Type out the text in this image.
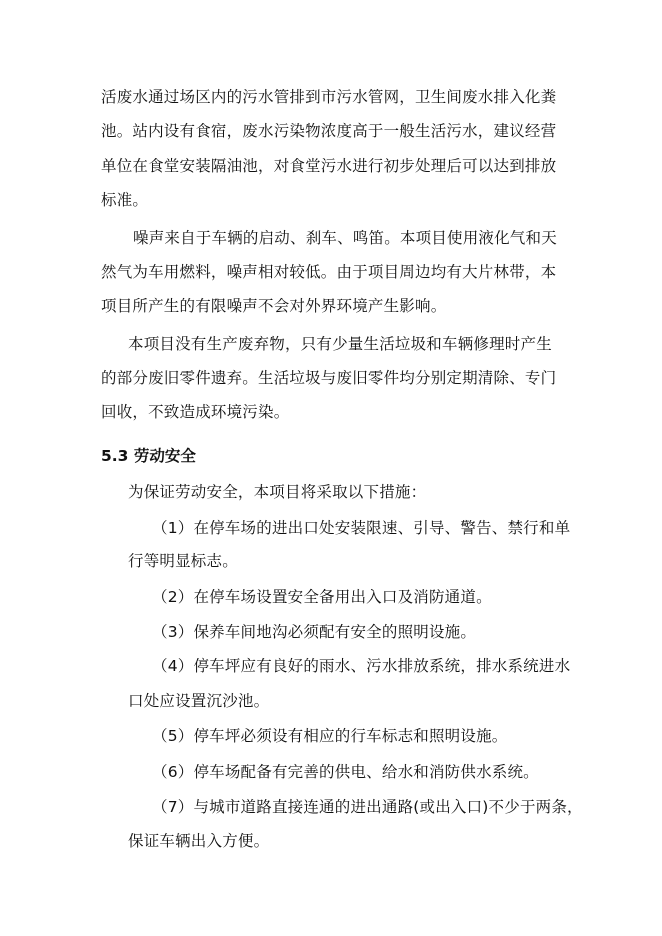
活废水通过场区内的污水管排到市污水管网，卫生间废水排入化粪
池。站内设有食宿，废水污染物浓度高于一般生活污水，建议经营
单位在食堂安装隔油池，对食堂污水进行初步处理后可以达到排放
标准。
噪声来自于车辆的启动、刹车、鸣笛。本项目使用液化气和天
然气为车用燃料，噪声相对较低。由于项目周边均有大片林带，本
项目所产生的有限噪声不会对外界环境产生影响。
本项目没有生产废弃物，只有少量生活垃圾和车辆修理时产生
的部分废旧零件遗弃。生活垃圾与废旧零件均分别定期清除、专门
回收，不致造成环境污染。
5.3 劳动安全
为保证劳动安全，本项目将采取以下措施：
（1）在停车场的进出口处安装限速、引导、警告、禁行和单
行等明显标志。
（2）在停车场设置安全备用出入口及消防通道。
（3）保养车间地沟必须配有安全的照明设施。
（4）停车坪应有良好的雨水、污水排放系统，排水系统进水
口处应设置沉沙池。
（5）停车坪必须设有相应的行车标志和照明设施。
（6）停车场配备有完善的供电、给水和消防供水系统。
（7）与城市道路直接连通的进出通路(或出入口)不少于两条，
保证车辆出入方便。
